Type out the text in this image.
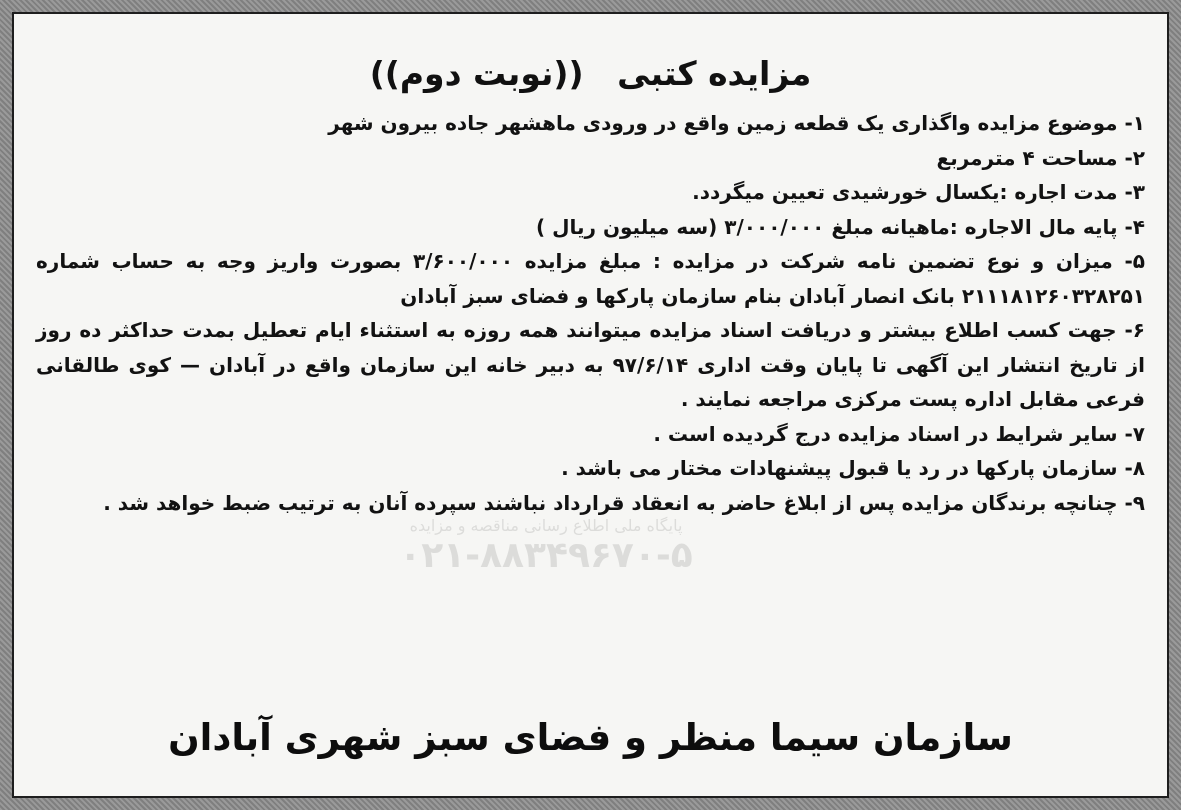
پایگاه ملی اطلاع رسانی مناقصه و مزایده
۰۲۱-۸۸۳۴۹۶۷۰-۵
مزایده کتبی ((نوبت دوم))

۱- موضوع مزایده واگذاری یک قطعه زمین واقع در ورودی ماهشهر جاده بیرون شهر

۲- مساحت ۴ مترمربع

۳- مدت اجاره :یکسال خورشیدی تعیین میگردد.

۴- پایه مال الاجاره :ماهیانه مبلغ ۳/۰۰۰/۰۰۰ (سه میلیون ریال )

۵- میزان و نوع تضمین نامه شرکت در مزایده : مبلغ مزایده ۳/۶۰۰/۰۰۰ بصورت واریز وجه به حساب شماره ۲۱۱۱۸۱۲۶۰۳۲۸۲۵۱ بانک انصار آبادان بنام سازمان پارکها و فضای سبز آبادان

۶- جهت کسب اطلاع بیشتر و دریافت اسناد مزایده میتوانند همه روزه به استثناء ایام تعطیل بمدت حداکثر ده روز از تاریخ انتشار این آگهی تا پایان وقت اداری ۹۷/۶/۱۴ به دبیر خانه این سازمان واقع در آبادان — کوی طالقانی فرعی مقابل اداره پست مرکزی مراجعه نمایند .

۷- سایر شرایط در اسناد مزایده درج گردیده است .

۸- سازمان پارکها در رد یا قبول پیشنهادات مختار می باشد .

۹- چنانچه برندگان مزایده پس از ابلاغ حاضر به انعقاد قرارداد نباشند سپرده آنان به ترتیب ضبط خواهد شد .

سازمان سیما منظر و فضای سبز شهری آبادان
